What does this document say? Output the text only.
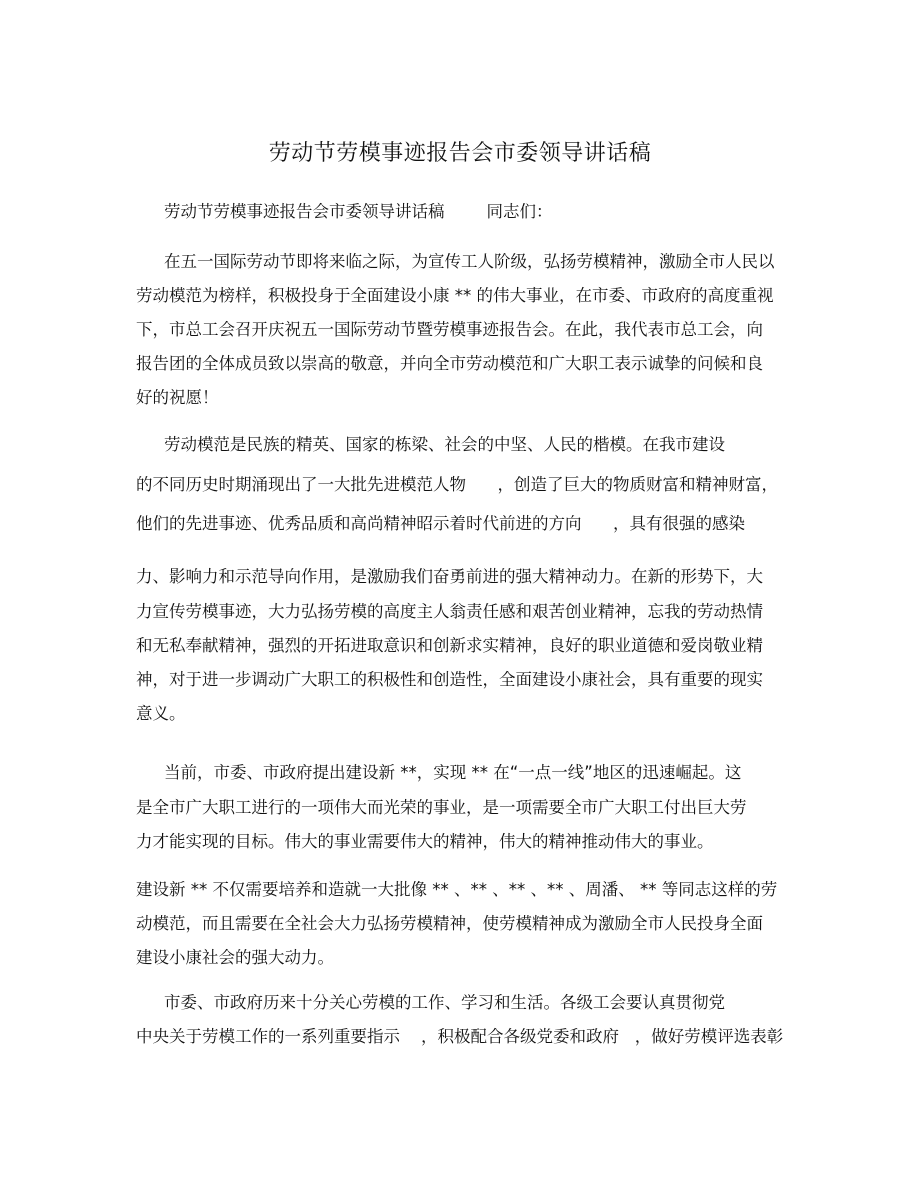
劳动节劳模事迹报告会市委领导讲话稿
劳动节劳模事迹报告会市委领导讲话稿        同志们：
在五一国际劳动节即将来临之际，为宣传工人阶级，弘扬劳模精神，激励全市人民以
劳动模范为榜样，积极投身于全面建设小康 ** 的伟大事业，在市委、市政府的高度重视
下，市总工会召开庆祝五一国际劳动节暨劳模事迹报告会。在此，我代表市总工会，向
报告团的全体成员致以崇高的敬意，并向全市劳动模范和广大职工表示诚挚的问候和良
好的祝愿！
劳动模范是民族的精英、国家的栋梁、社会的中坚、人民的楷模。在我市建设
的不同历史时期涌现出了一大批先进模范人物      ，创造了巨大的物质财富和精神财富，
他们的先进事迹、优秀品质和高尚精神昭示着时代前进的方向      ，具有很强的感染
力、影响力和示范导向作用，是激励我们奋勇前进的强大精神动力。在新的形势下，大
力宣传劳模事迹，大力弘扬劳模的高度主人翁责任感和艰苦创业精神，忘我的劳动热情
和无私奉献精神，强烈的开拓进取意识和创新求实精神，良好的职业道德和爱岗敬业精
神，对于进一步调动广大职工的积极性和创造性，全面建设小康社会，具有重要的现实
意义。
当前，市委、市政府提出建设新 **，实现 ** 在“一点一线”地区的迅速崛起。这
是全市广大职工进行的一项伟大而光荣的事业，是一项需要全市广大职工付出巨大劳
力才能实现的目标。伟大的事业需要伟大的精神，伟大的精神推动伟大的事业。
建设新 ** 不仅需要培养和造就一大批像 ** 、** 、** 、** 、周潘、 ** 等同志这样的劳
动模范，而且需要在全社会大力弘扬劳模精神，使劳模精神成为激励全市人民投身全面
建设小康社会的强大动力。
市委、市政府历来十分关心劳模的工作、学习和生活。各级工会要认真贯彻党
中央关于劳模工作的一系列重要指示    ，积极配合各级党委和政府   ，做好劳模评选表彰
